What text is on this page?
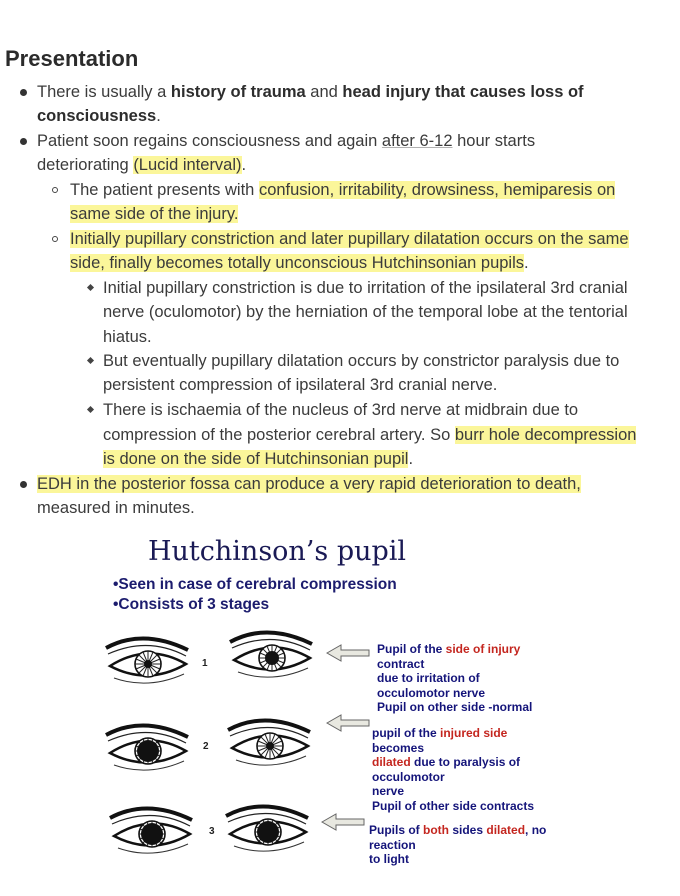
Presentation
There is usually a history of trauma and head injury that causes loss of
consciousness.
Patient soon regains consciousness and again after 6-12 hour starts
deteriorating (Lucid interval).
The patient presents with confusion, irritability, drowsiness, hemiparesis on
same side of the injury.
Initially pupillary constriction and later pupillary dilatation occurs on the same
side, finally becomes totally unconscious Hutchinsonian pupils.
Initial pupillary constriction is due to irritation of the ipsilateral 3rd cranial
nerve (oculomotor) by the herniation of the temporal lobe at the tentorial
hiatus.
But eventually pupillary dilatation occurs by constrictor paralysis due to
persistent compression of ipsilateral 3rd cranial nerve.
There is ischaemia of the nucleus of 3rd nerve at midbrain due to
compression of the posterior cerebral artery. So burr hole decompression
is done on the side of Hutchinsonian pupil.
EDH in the posterior fossa can produce a very rapid deterioration to death,
measured in minutes.
Hutchinson’s pupil
•Seen in case of cerebral compression
•Consists of 3 stages
1
2
3
Pupil of the side of injury
contract
due to irritation of
occulomotor nerve
Pupil on other side -normal
pupil of the injured side
becomes
dilated due to paralysis of
occulomotor
nerve
Pupil of other side contracts
Pupils of both sides dilated, no
reaction
to light
